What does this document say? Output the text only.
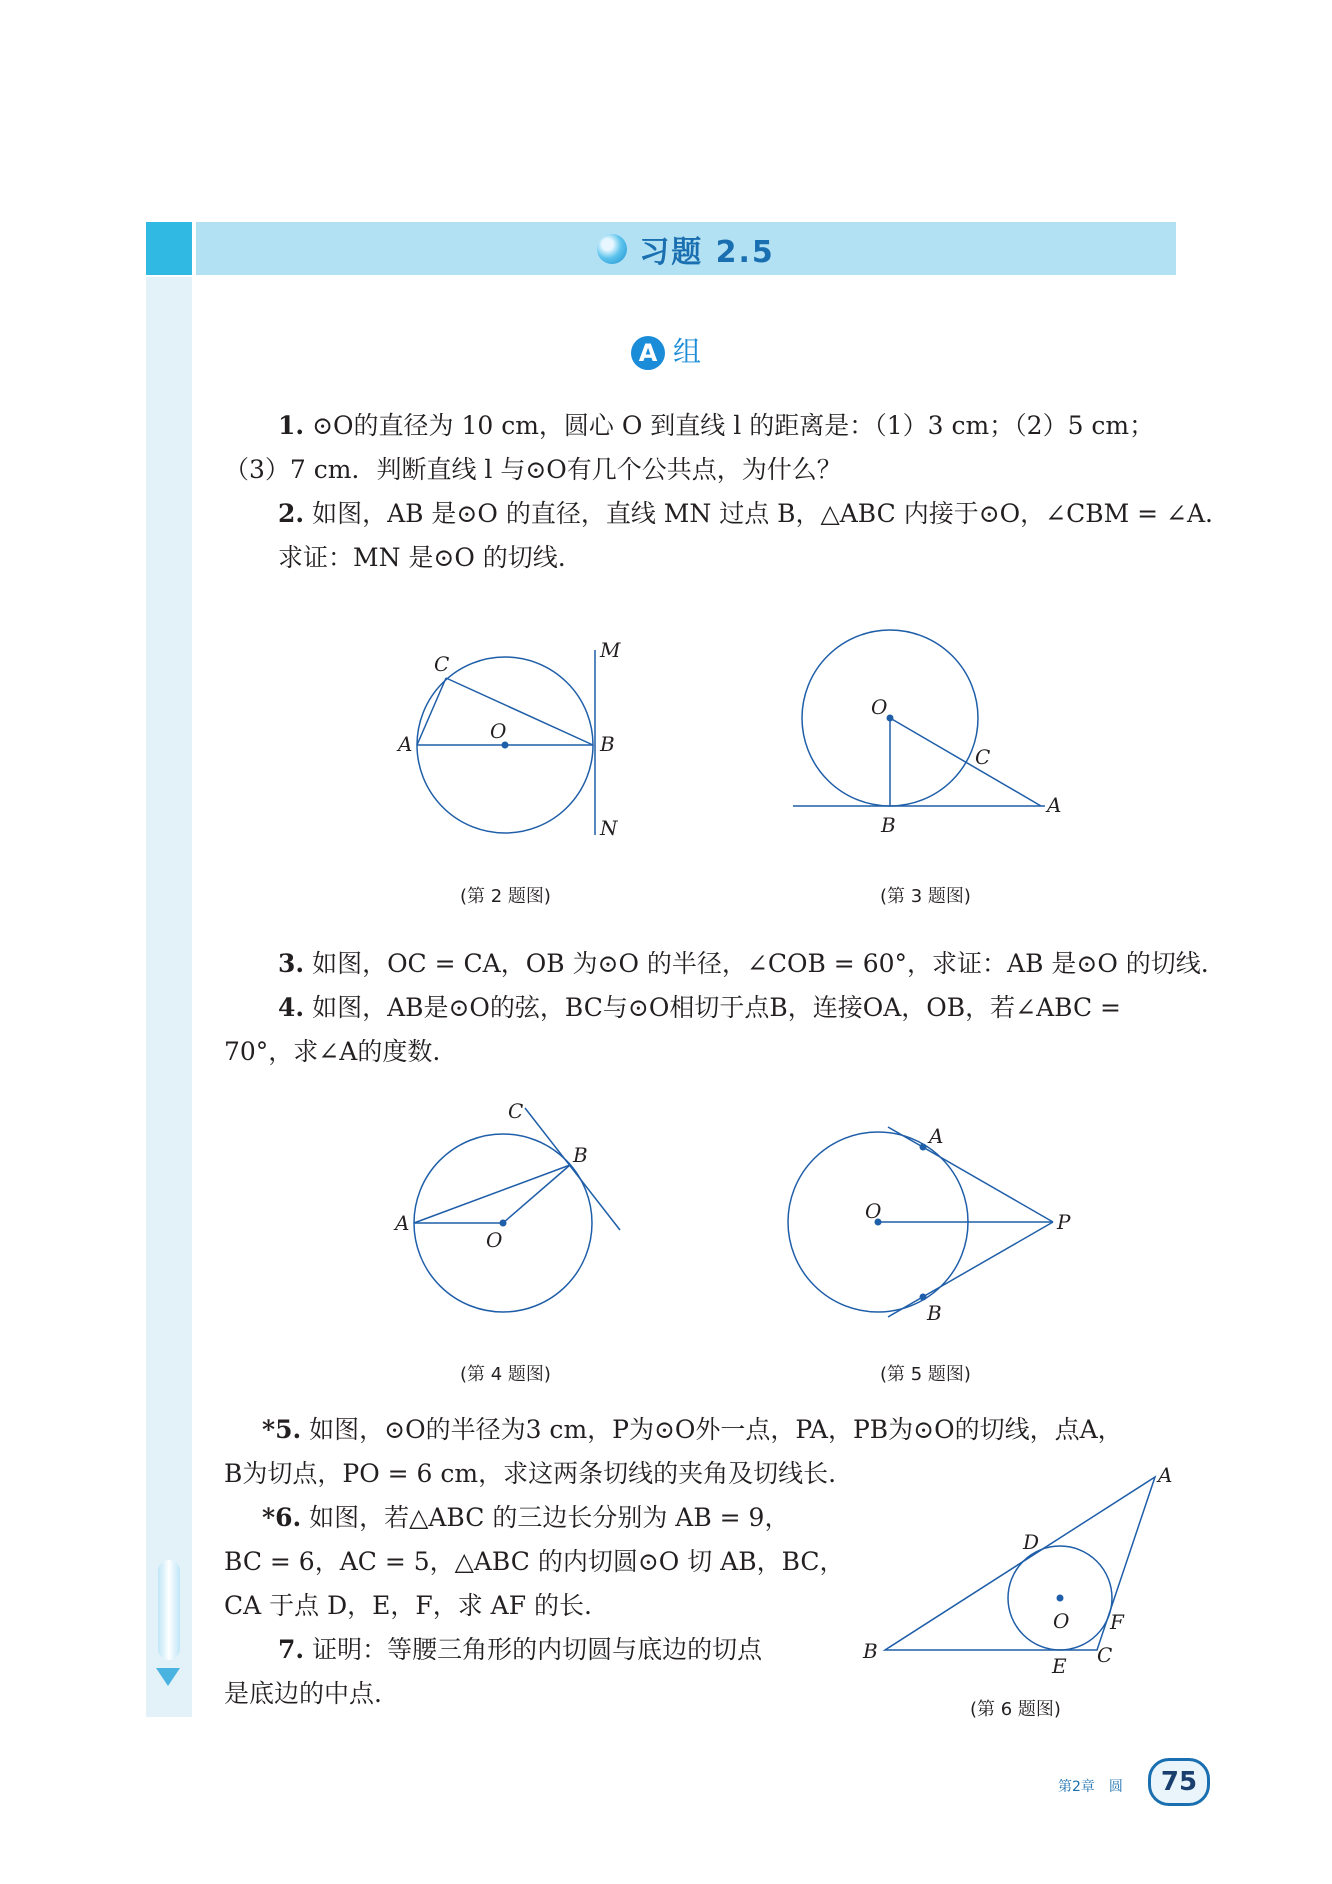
习题 2.5
A 组
1. ⊙O的直径为 10 cm，圆心 O 到直线 l 的距离是：（1）3 cm；（2）5 cm；
（3）7 cm．判断直线 l 与⊙O有几个公共点，为什么？
2. 如图，AB 是⊙O 的直径，直线 MN 过点 B，△ABC 内接于⊙O，∠CBM = ∠A.
求证：MN 是⊙O 的切线.
C
M
A
O
B
N
(第 2 题图)
O
C
A
B
(第 3 题图)
3. 如图，OC = CA，OB 为⊙O 的半径，∠COB = 60°，求证：AB 是⊙O 的切线.
4. 如图，AB是⊙O的弦，BC与⊙O相切于点B，连接OA，OB，若∠ABC =
70°，求∠A的度数.
C
B
A
O
(第 4 题图)
A
O	P
B
(第 5 题图)
*5. 如图，⊙O的半径为3 cm，P为⊙O外一点，PA，PB为⊙O的切线，点A，
B为切点，PO = 6 cm，求这两条切线的夹角及切线长.
*6. 如图，若△ABC 的三边长分别为 AB = 9，
BC = 6，AC = 5，△ABC 的内切圆⊙O 切 AB，BC，
CA 于点 D，E，F，求 AF 的长.
7. 证明：等腰三角形的内切圆与底边的切点
是底边的中点.
A
D
O F
B	C
E
(第 6 题图)
第2章　圆	75
